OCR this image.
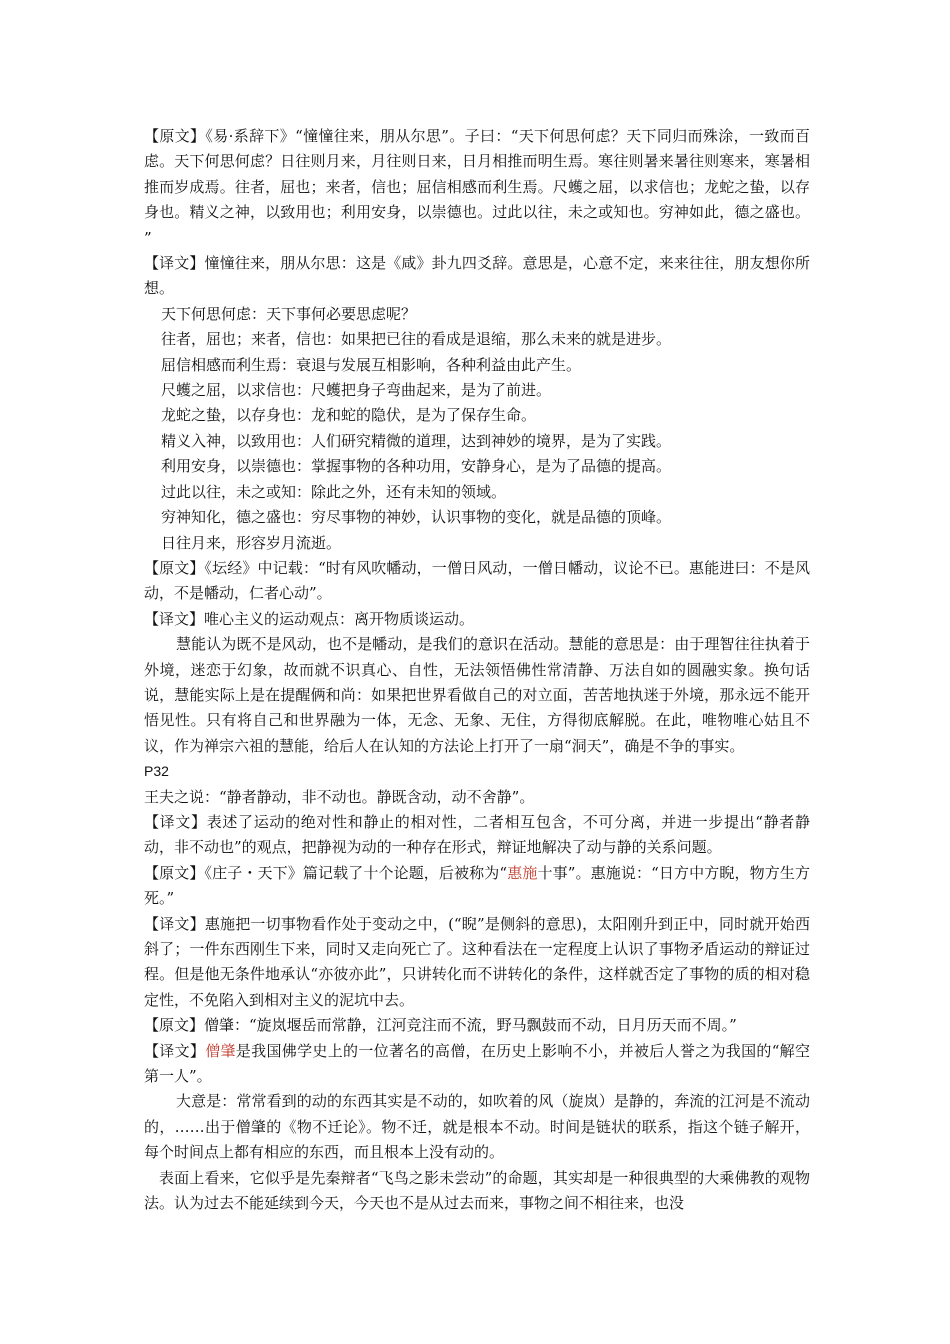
【原文】《易·系辞下》“憧憧往来，朋从尔思”。子曰：“天下何思何虑？天下同归而殊涂，一致而百虑。天下何思何虑？日往则月来，月往则日来，日月相推而明生焉。寒往则暑来暑往则寒来，寒暑相推而岁成焉。往者，屈也；来者，信也；屈信相感而利生焉。尺蠖之屈，以求信也；龙蛇之蛰，以存身也。精义之神，以致用也；利用安身，以崇德也。过此以往，未之或知也。穷神如此，德之盛也。 ”

【译文】憧憧往来，朋从尔思：这是《咸》卦九四爻辞。意思是，心意不定，来来往往，朋友想你所想。

天下何思何虑：天下事何必要思虑呢？

往者，屈也；来者，信也：如果把已往的看成是退缩，那么未来的就是进步。

屈信相感而利生焉：衰退与发展互相影响，各种利益由此产生。

尺蠖之屈，以求信也：尺蠖把身子弯曲起来，是为了前进。

龙蛇之蛰，以存身也：龙和蛇的隐伏，是为了保存生命。

精义入神，以致用也：人们研究精微的道理，达到神妙的境界，是为了实践。

利用安身，以崇德也：掌握事物的各种功用，安静身心，是为了品德的提高。

过此以往，未之或知：除此之外，还有未知的领域。

穷神知化，德之盛也：穷尽事物的神妙，认识事物的变化，就是品德的顶峰。

日往月来，形容岁月流逝。

【原文】《坛经》中记载：“时有风吹幡动，一僧日风动，一僧日幡动，议论不已。惠能进曰：不是风动，不是幡动，仁者心动”。

【译文】唯心主义的运动观点：离开物质谈运动。

慧能认为既不是风动，也不是幡动，是我们的意识在活动。慧能的意思是：由于理智往往执着于外境，迷恋于幻象，故而就不识真心、自性，无法领悟佛性常清静、万法自如的圆融实象。换句话说，慧能实际上是在提醒俩和尚：如果把世界看做自己的对立面，苦苦地执迷于外境，那永远不能开悟见性。只有将自己和世界融为一体，无念、无象、无住，方得彻底解脱。在此，唯物唯心姑且不议，作为禅宗六祖的慧能，给后人在认知的方法论上打开了一扇“洞天”，确是不争的事实。

P32

王夫之说：“静者静动，非不动也。静既含动，动不舍静”。

【译文】表述了运动的绝对性和静止的相对性，二者相互包含，不可分离，并进一步提出“静者静动，非不动也”的观点，把静视为动的一种存在形式，辩证地解决了动与静的关系问题。

【原文】《庄子・天下》篇记载了十个论题，后被称为“惠施十事”。惠施说：“日方中方睨，物方生方死。”

【译文】惠施把一切事物看作处于变动之中，(“睨”是侧斜的意思)，太阳刚升到正中，同时就开始西斜了；一件东西刚生下来，同时又走向死亡了。这种看法在一定程度上认识了事物矛盾运动的辩证过程。但是他无条件地承认“亦彼亦此”，只讲转化而不讲转化的条件，这样就否定了事物的质的相对稳定性，不免陷入到相对主义的泥坑中去。

【原文】僧肇：“旋岚堰岳而常静，江河竞注而不流，野马飘鼓而不动，日月历天而不周。”

【译文】僧肇是我国佛学史上的一位著名的高僧，在历史上影响不小，并被后人誉之为我国的“解空第一人”。

大意是：常常看到的动的东西其实是不动的，如吹着的风（旋岚）是静的，奔流的江河是不流动的，……出于僧肇的《物不迁论》。物不迁，就是根本不动。时间是链状的联系，指这个链子解开，每个时间点上都有相应的东西，而且根本上没有动的。

表面上看来，它似乎是先秦辩者“飞鸟之影未尝动”的命题，其实却是一种很典型的大乘佛教的观物法。认为过去不能延续到今天，今天也不是从过去而来，事物之间不相往来，也没
